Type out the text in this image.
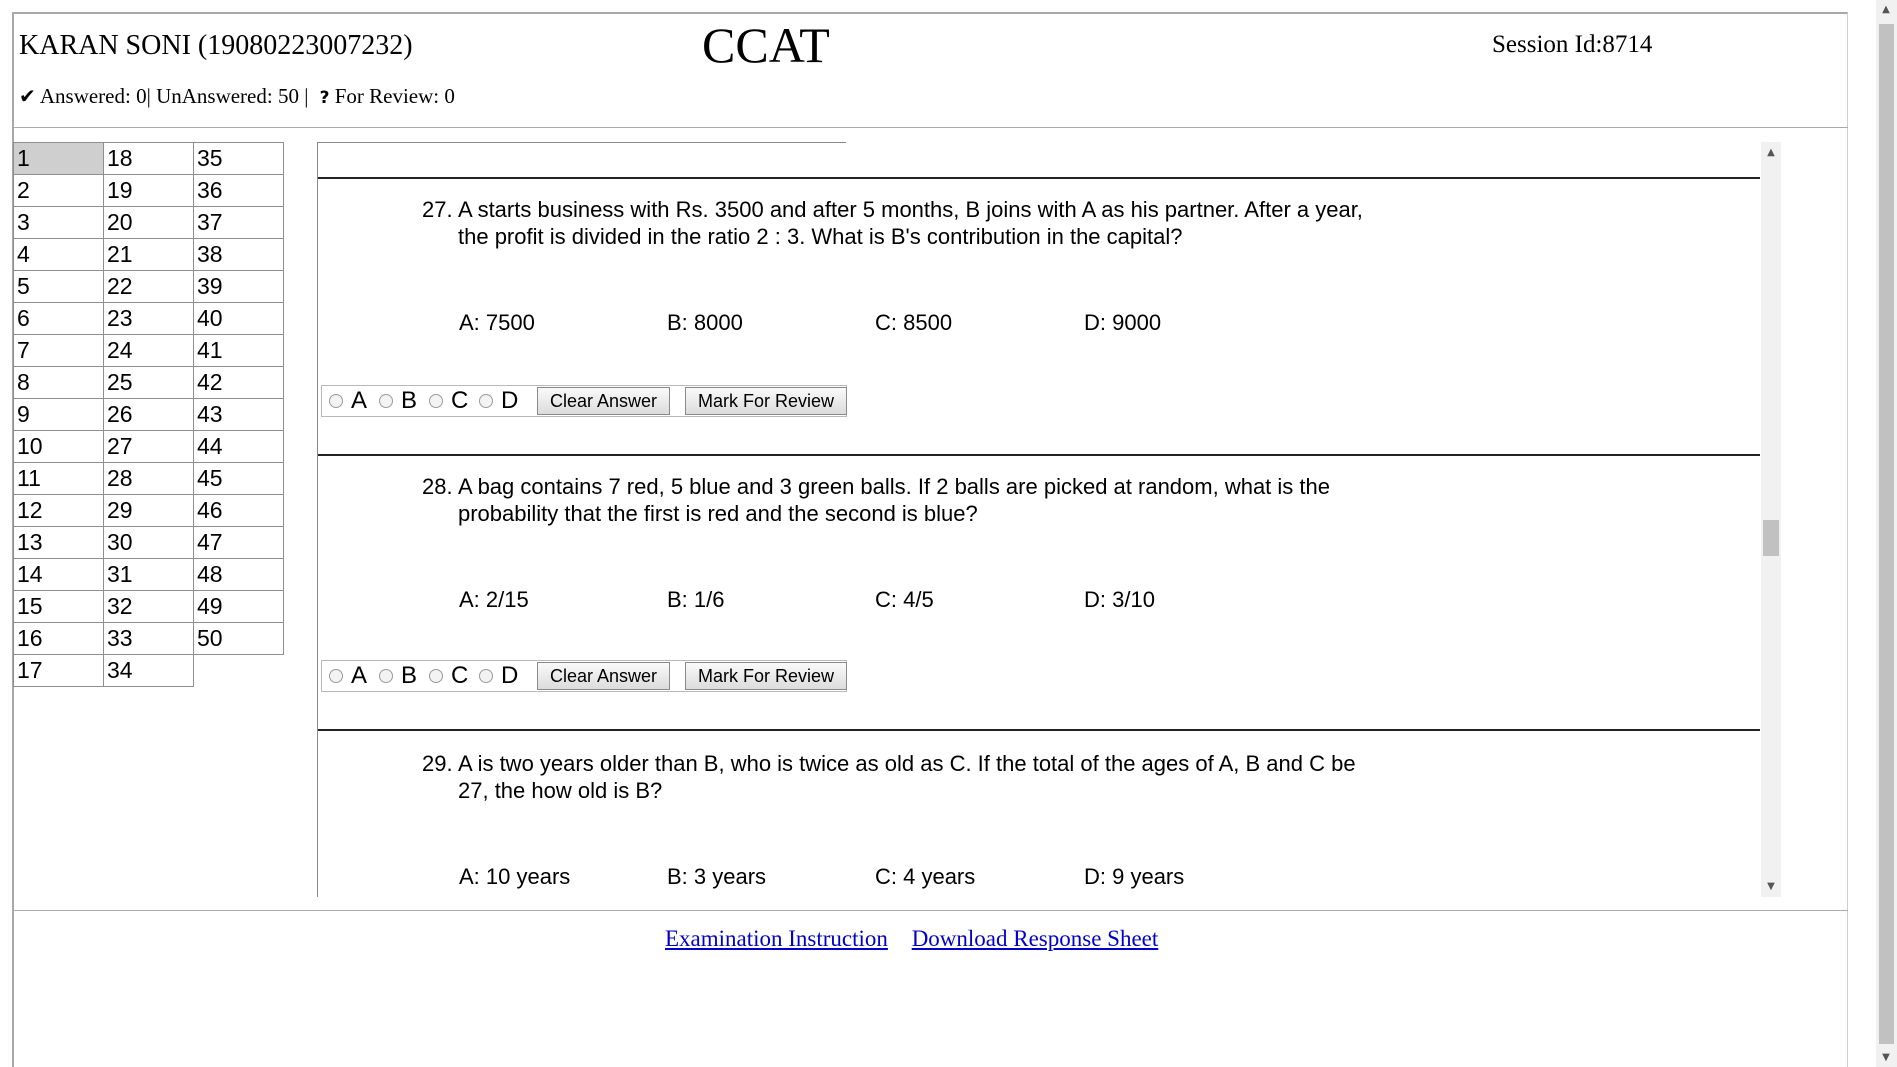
KARAN SONI (19080223007232)	CCAT	Session Id:8714
✔ Answered: 0| UnAnswered: 50 |  ? For Review: 0
1	18	35
2	19	36
3	20	37
4	21	38
5	22	39
6	23	40
7	24	41
8	25	42
9	26	43
10	27	44
11	28	45
12	29	46
13	30	47
14	31	48
15	32	49
16	33	50
17	34	
27. A starts business with Rs. 3500 and after 5 months, B joins with A as his partner. After a year, the profit is divided in the ratio 2 : 3. What is B's contribution in the capital?
A: 7500	B: 8000	C: 8500	D: 9000
A B C D	Clear Answer	Mark For Review
28. A bag contains 7 red, 5 blue and 3 green balls. If 2 balls are picked at random, what is the probability that the first is red and the second is blue?
A: 2/15	B: 1/6	C: 4/5	D: 3/10
A B C D	Clear Answer	Mark For Review
29. A is two years older than B, who is twice as old as C. If the total of the ages of A, B and C be 27, the how old is B?
A: 10 years	B: 3 years	C: 4 years	D: 9 years
▲
▼
Examination Instruction Download Response Sheet
▲
▼
